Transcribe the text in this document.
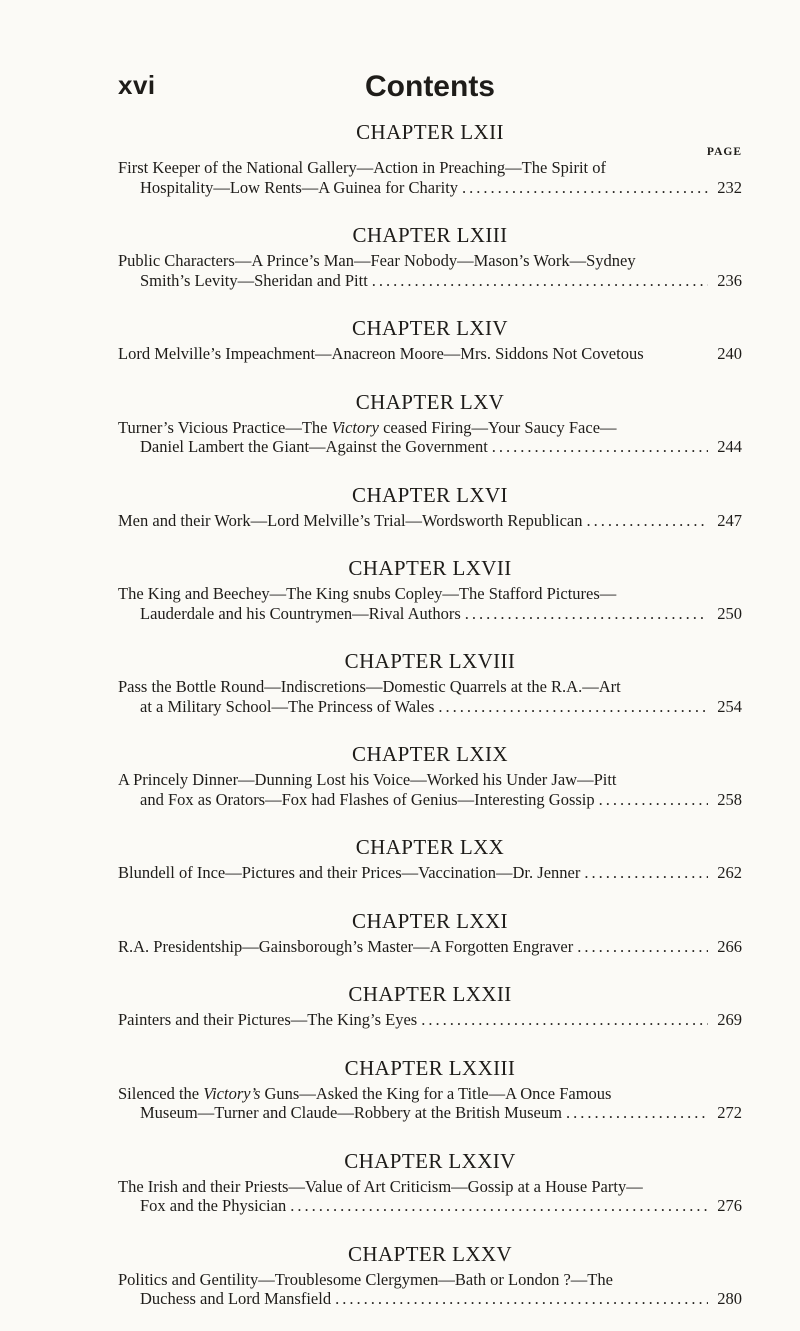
xvi	Contents
CHAPTER LXII
PAGE
First Keeper of the National Gallery—Action in Preaching—The Spirit of
Hospitality—Low Rents—A Guinea for Charity .....	232
CHAPTER LXIII
Public Characters—A Prince’s Man—Fear Nobody—Mason’s Work—Sydney
Smith’s Levity—Sheridan and Pitt .....	236
CHAPTER LXIV
Lord Melville’s Impeachment—Anacreon Moore—Mrs. Siddons Not Covetous	240
CHAPTER LXV
Turner’s Vicious Practice—The Victory ceased Firing—Your Saucy Face—
Daniel Lambert the Giant—Against the Government .....	244
CHAPTER LXVI
Men and their Work—Lord Melville’s Trial—Wordsworth Republican .....	247
CHAPTER LXVII
The King and Beechey—The King snubs Copley—The Stafford Pictures—
Lauderdale and his Countrymen—Rival Authors .....	250
CHAPTER LXVIII
Pass the Bottle Round—Indiscretions—Domestic Quarrels at the R.A.—Art
at a Military School—The Princess of Wales .....	254
CHAPTER LXIX
A Princely Dinner—Dunning Lost his Voice—Worked his Under Jaw—Pitt
and Fox as Orators—Fox had Flashes of Genius—Interesting Gossip .....	258
CHAPTER LXX
Blundell of Ince—Pictures and their Prices—Vaccination—Dr. Jenner .....	262
CHAPTER LXXI
R.A. Presidentship—Gainsborough’s Master—A Forgotten Engraver .....	266
CHAPTER LXXII
Painters and their Pictures—The King’s Eyes .....	269
CHAPTER LXXIII
Silenced the Victory’s Guns—Asked the King for a Title—A Once Famous
Museum—Turner and Claude—Robbery at the British Museum .....	272
CHAPTER LXXIV
The Irish and their Priests—Value of Art Criticism—Gossip at a House Party—
Fox and the Physician .....	276
CHAPTER LXXV
Politics and Gentility—Troublesome Clergymen—Bath or London ?—The
Duchess and Lord Mansfield .....	280
